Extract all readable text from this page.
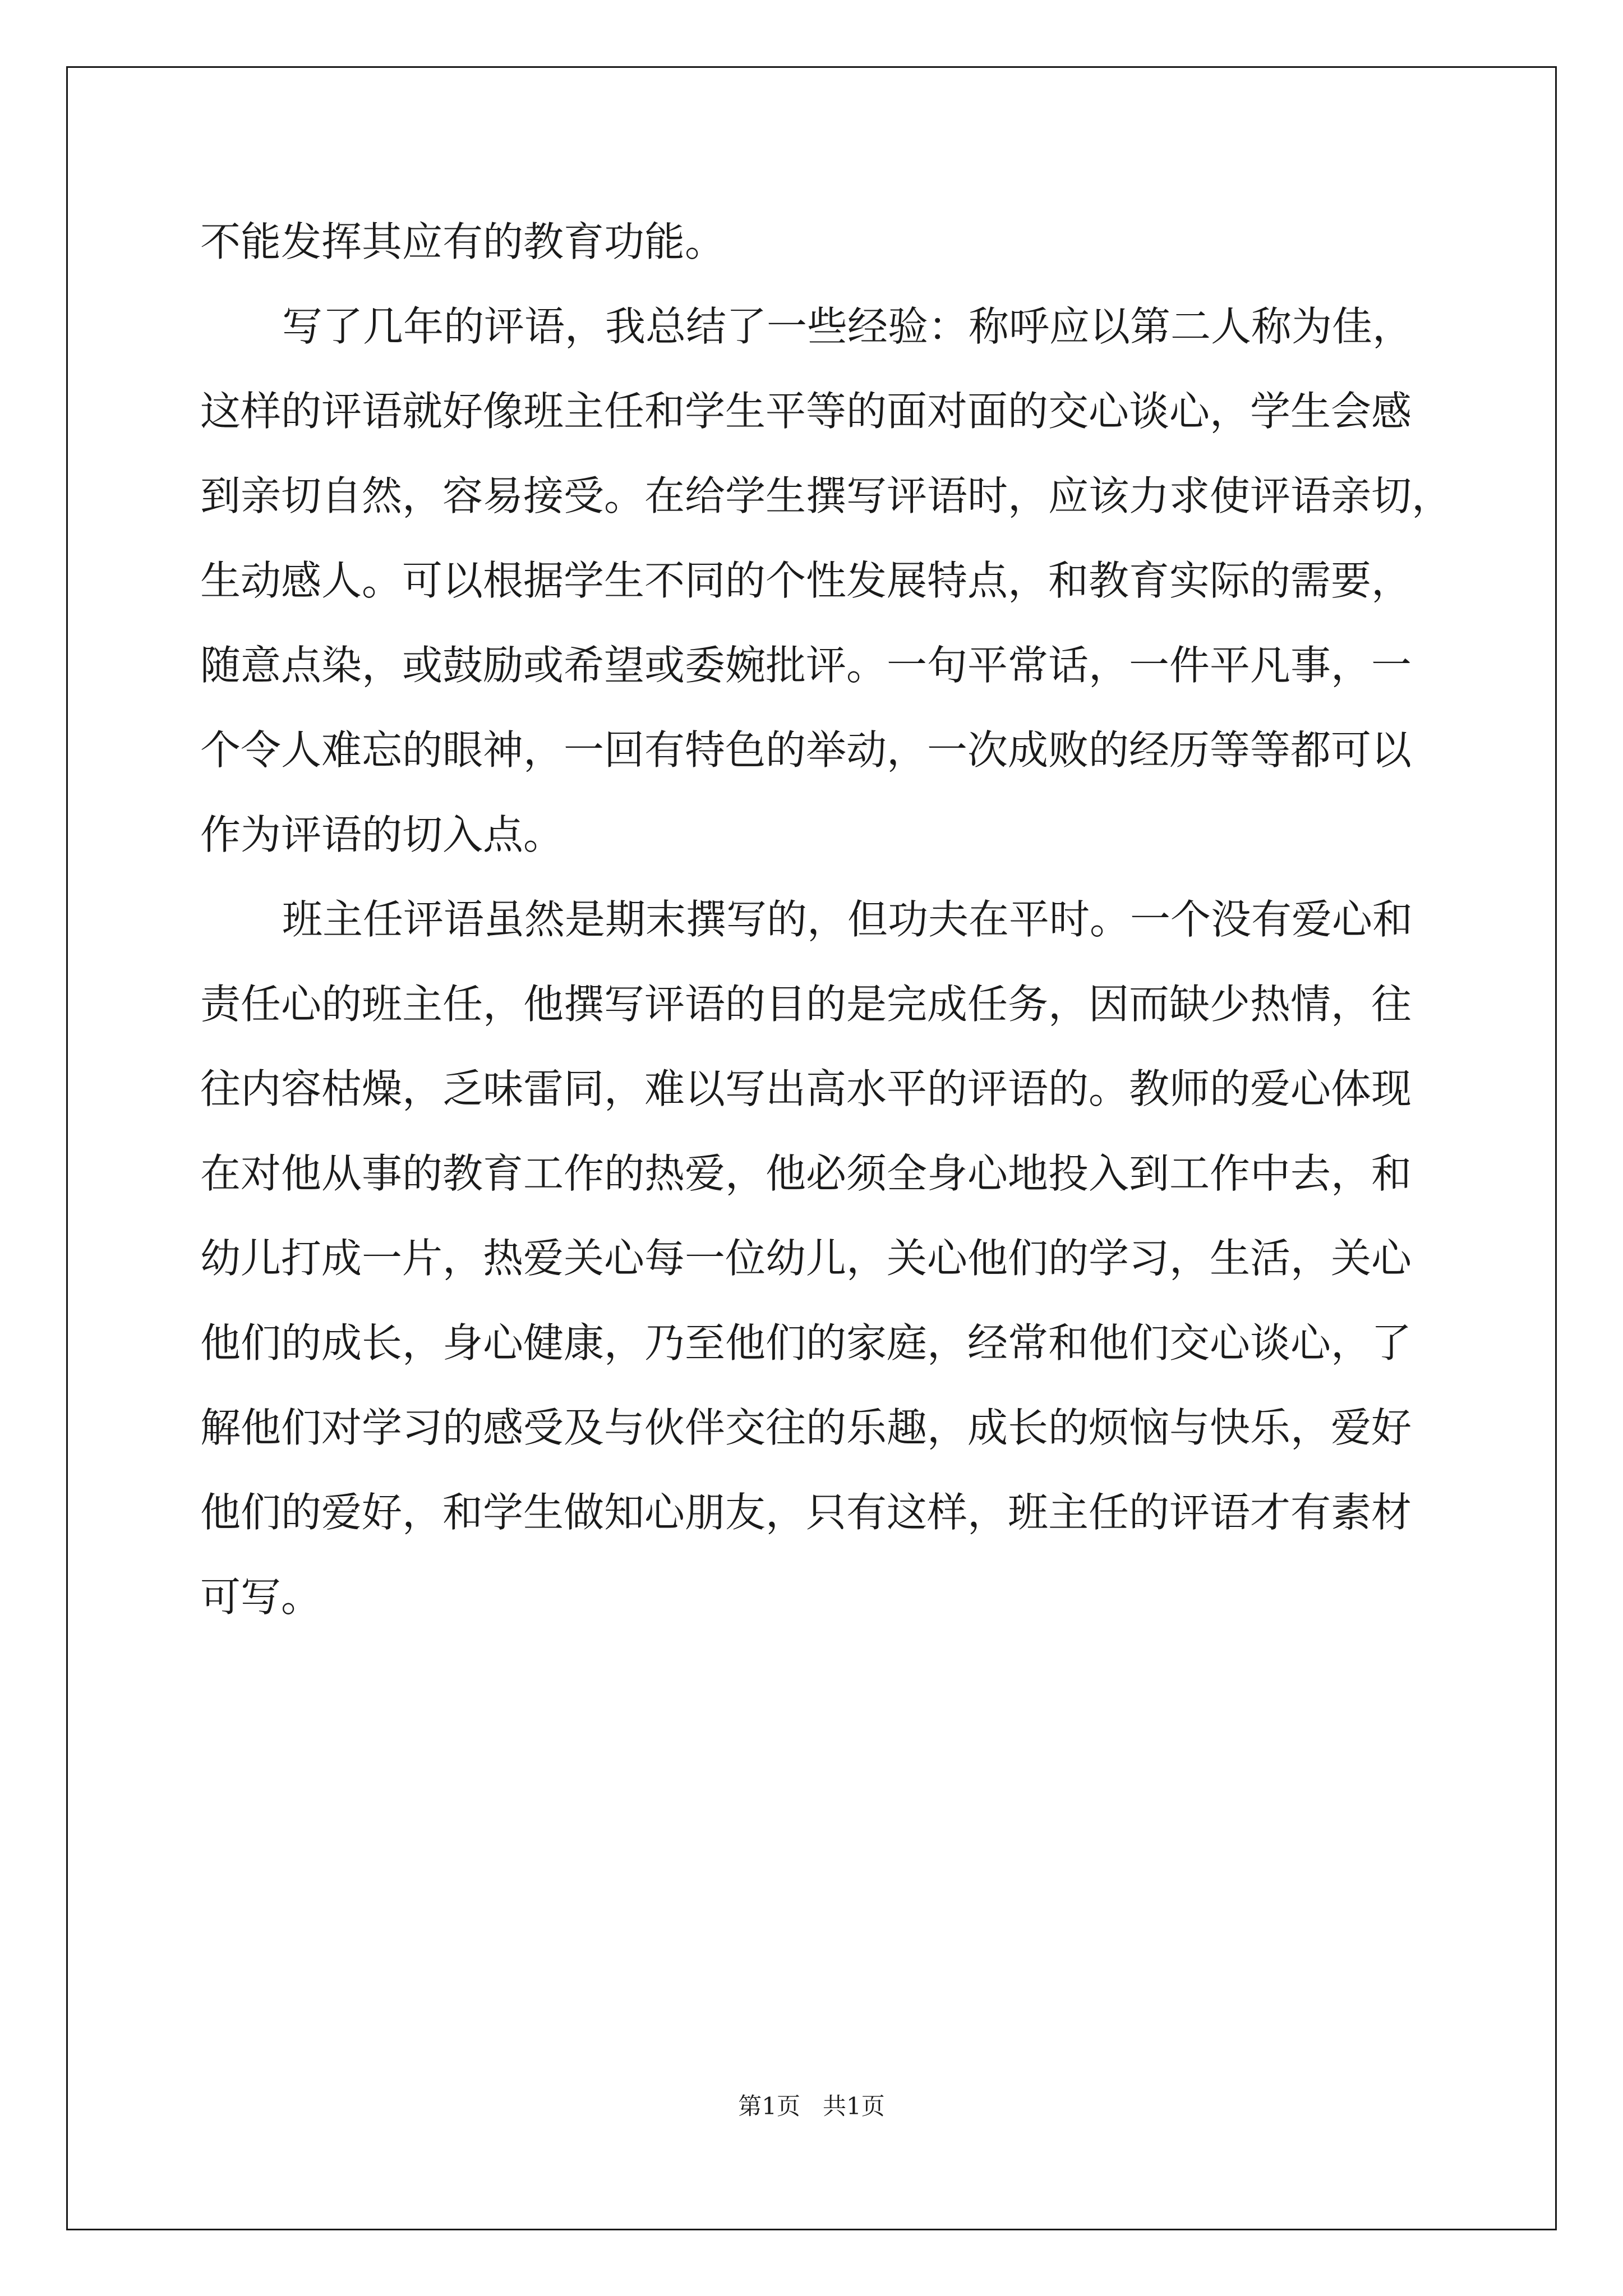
不能发挥其应有的教育功能。
写了几年的评语，我总结了一些经验：称呼应以第二人称为佳，
这样的评语就好像班主任和学生平等的面对面的交心谈心，学生会感
到亲切自然，容易接受。在给学生撰写评语时，应该力求使评语亲切，
生动感人。可以根据学生不同的个性发展特点，和教育实际的需要，
随意点染，或鼓励或希望或委婉批评。一句平常话，一件平凡事，一
个令人难忘的眼神，一回有特色的举动，一次成败的经历等等都可以
作为评语的切入点。
班主任评语虽然是期末撰写的，但功夫在平时。一个没有爱心和
责任心的班主任，他撰写评语的目的是完成任务，因而缺少热情，往
往内容枯燥，乏味雷同，难以写出高水平的评语的。教师的爱心体现
在对他从事的教育工作的热爱，他必须全身心地投入到工作中去，和
幼儿打成一片，热爱关心每一位幼儿，关心他们的学习，生活，关心
他们的成长，身心健康，乃至他们的家庭，经常和他们交心谈心，了
解他们对学习的感受及与伙伴交往的乐趣，成长的烦恼与快乐，爱好
他们的爱好，和学生做知心朋友，只有这样，班主任的评语才有素材
可写。
第1页 共1页
